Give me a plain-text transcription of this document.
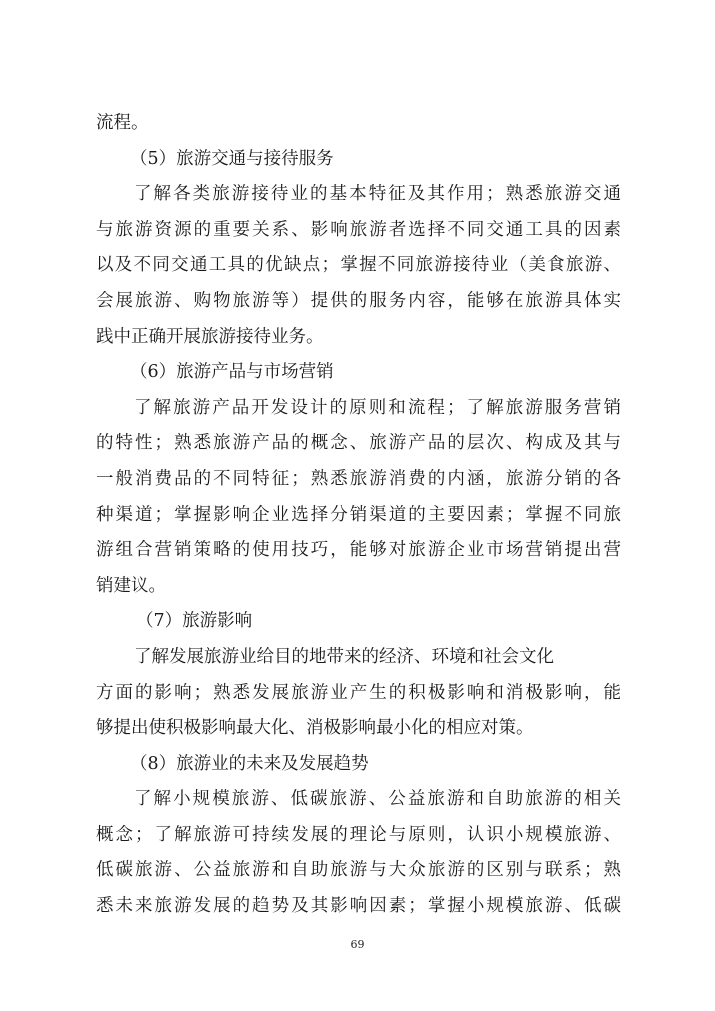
流程。
（5）旅游交通与接待服务
了解各类旅游接待业的基本特征及其作用；熟悉旅游交通
与旅游资源的重要关系、影响旅游者选择不同交通工具的因素
以及不同交通工具的优缺点；掌握不同旅游接待业（美食旅游、
会展旅游、购物旅游等）提供的服务内容，能够在旅游具体实
践中正确开展旅游接待业务。
（6）旅游产品与市场营销
了解旅游产品开发设计的原则和流程；了解旅游服务营销
的特性；熟悉旅游产品的概念、旅游产品的层次、构成及其与
一般消费品的不同特征；熟悉旅游消费的内涵，旅游分销的各
种渠道；掌握影响企业选择分销渠道的主要因素；掌握不同旅
游组合营销策略的使用技巧，能够对旅游企业市场营销提出营
销建议。
（7）旅游影响
了解发展旅游业给目的地带来的经济、环境和社会文化
方面的影响；熟悉发展旅游业产生的积极影响和消极影响，能
够提出使积极影响最大化、消极影响最小化的相应对策。
（8）旅游业的未来及发展趋势
了解小规模旅游、低碳旅游、公益旅游和自助旅游的相关
概念；了解旅游可持续发展的理论与原则，认识小规模旅游、
低碳旅游、公益旅游和自助旅游与大众旅游的区别与联系；熟
悉未来旅游发展的趋势及其影响因素；掌握小规模旅游、低碳
69
